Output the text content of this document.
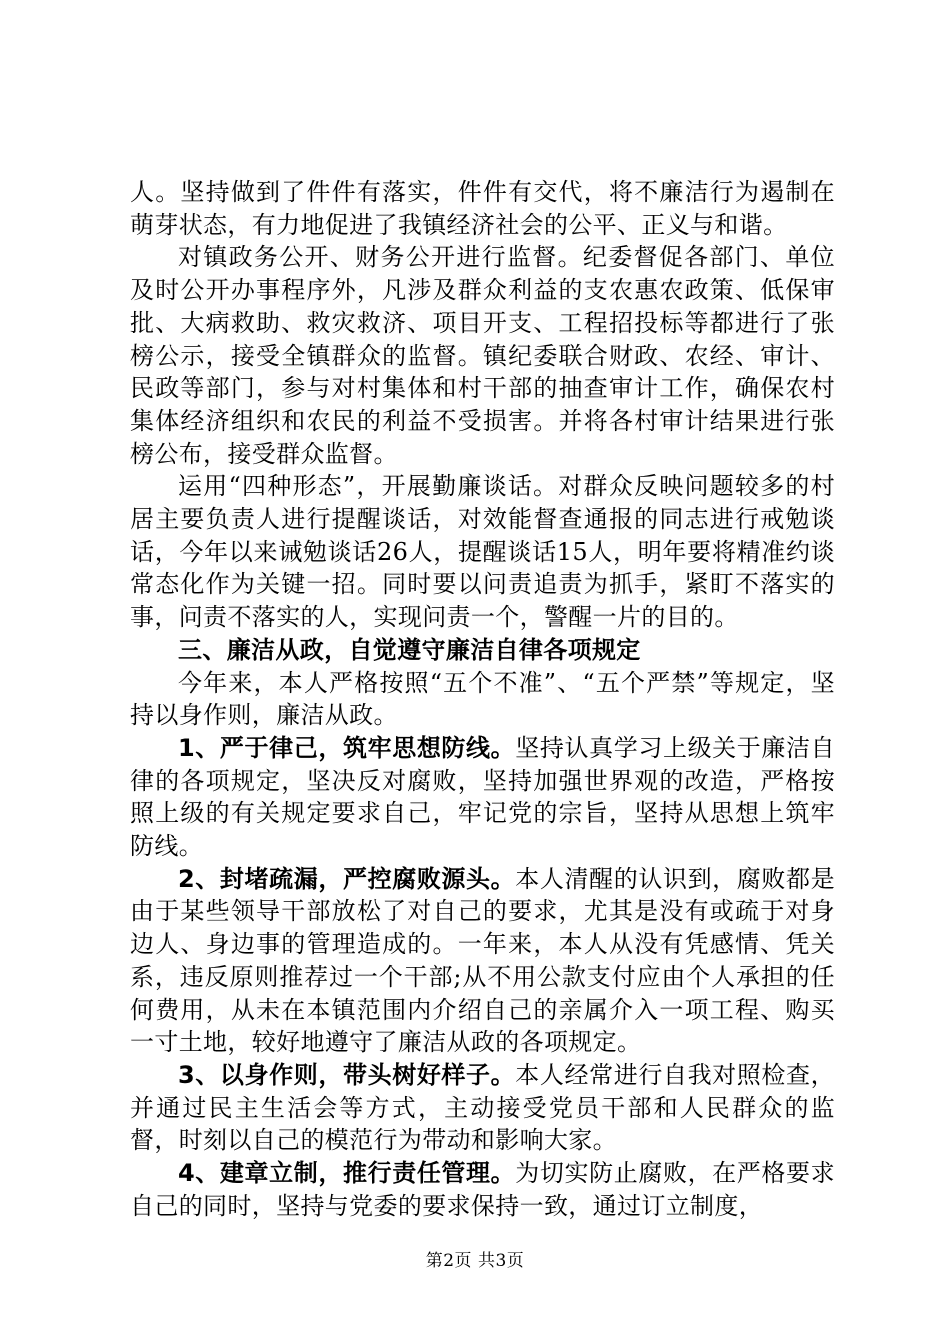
人。坚持做到了件件有落实，件件有交代，将不廉洁行为遏制在萌芽状态，有力地促进了我镇经济社会的公平、正义与和谐。

对镇政务公开、财务公开进行监督。纪委督促各部门、单位及时公开办事程序外，凡涉及群众利益的支农惠农政策、低保审批、大病救助、救灾救济、项目开支、工程招投标等都进行了张榜公示，接受全镇群众的监督。镇纪委联合财政、农经、审计、民政等部门，参与对村集体和村干部的抽查审计工作，确保农村集体经济组织和农民的利益不受损害。并将各村审计结果进行张榜公布，接受群众监督。

运用“四种形态”，开展勤廉谈话。对群众反映问题较多的村居主要负责人进行提醒谈话，对效能督查通报的同志进行戒勉谈话，今年以来诫勉谈话26人，提醒谈话15人，明年要将精准约谈常态化作为关键一招。同时要以问责追责为抓手，紧盯不落实的事，问责不落实的人，实现问责一个，警醒一片的目的。

三、廉洁从政，自觉遵守廉洁自律各项规定

今年来，本人严格按照“五个不准”、“五个严禁”等规定，坚持以身作则，廉洁从政。

1、严于律己，筑牢思想防线。坚持认真学习上级关于廉洁自律的各项规定，坚决反对腐败，坚持加强世界观的改造，严格按照上级的有关规定要求自己，牢记党的宗旨，坚持从思想上筑牢防线。

2、封堵疏漏，严控腐败源头。本人清醒的认识到，腐败都是由于某些领导干部放松了对自己的要求，尤其是没有或疏于对身边人、身边事的管理造成的。一年来，本人从没有凭感情、凭关系，违反原则推荐过一个干部;从不用公款支付应由个人承担的任何费用，从未在本镇范围内介绍自己的亲属介入一项工程、购买一寸土地，较好地遵守了廉洁从政的各项规定。

3、以身作则，带头树好样子。本人经常进行自我对照检查，并通过民主生活会等方式，主动接受党员干部和人民群众的监督，时刻以自己的模范行为带动和影响大家。

4、建章立制，推行责任管理。为切实防止腐败，在严格要求自己的同时，坚持与党委的要求保持一致，通过订立制度，

第2页 共3页
